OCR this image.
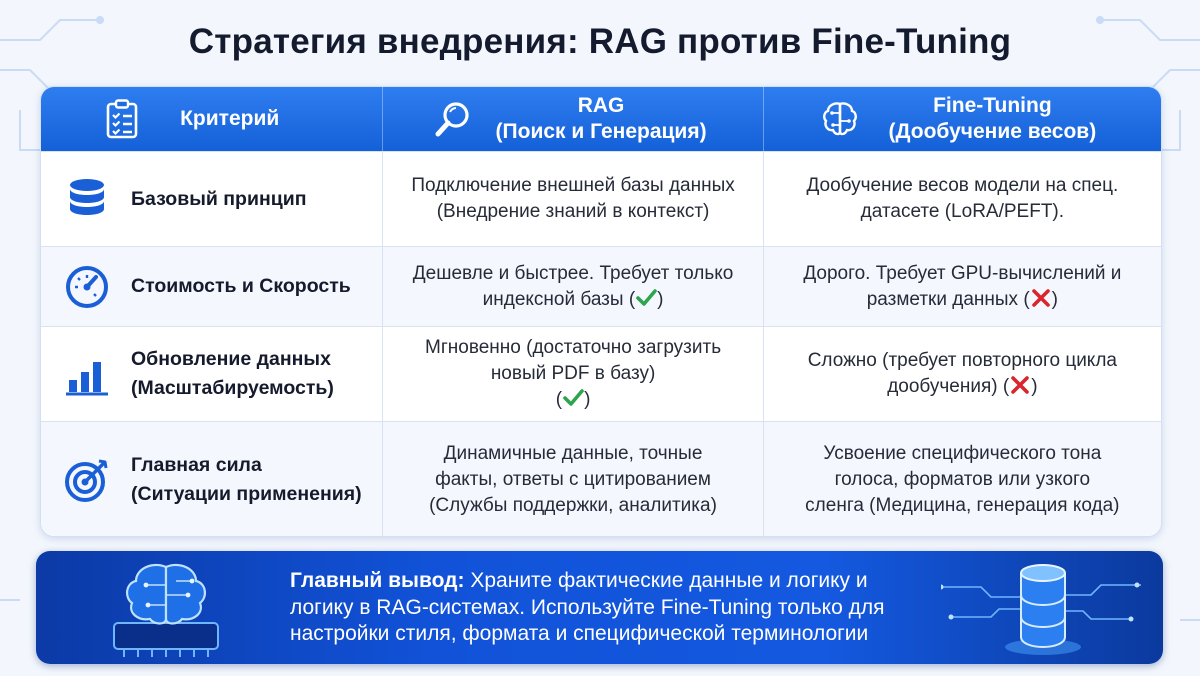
Стратегия внедрения: RAG против Fine-Tuning
Критерий
RAG
(Поиск и Генерация)
Fine-Tuning
(Дообучение весов)
Базовый принцип
Подключение внешней базы данных (Внедрение знаний в контекст)
Дообучение весов модели на спец. датасете (LoRA/PEFT).
Стоимость и Скорость
Дешевле и быстрее. Требует только индексной базы ( )
Дорого. Требует GPU-вычислений и разметки данных ( )
Обновление данных
(Масштабируемость)
Мгновенно (достаточно загрузить новый PDF в базу)
( )
Сложно (требует повторного цикла дообучения) ( )
Главная сила
(Ситуации применения)
Динамичные данные, точные факты, ответы с цитированием (Службы поддержки, аналитика)
Усвоение специфического тона голоса, форматов или узкого сленга (Медицина, генерация кода)
Главный вывод: Храните фактические данные и логику и логику в RAG-системах. Используйте Fine-Tuning только для настройки стиля, формата и специфической терминологии
